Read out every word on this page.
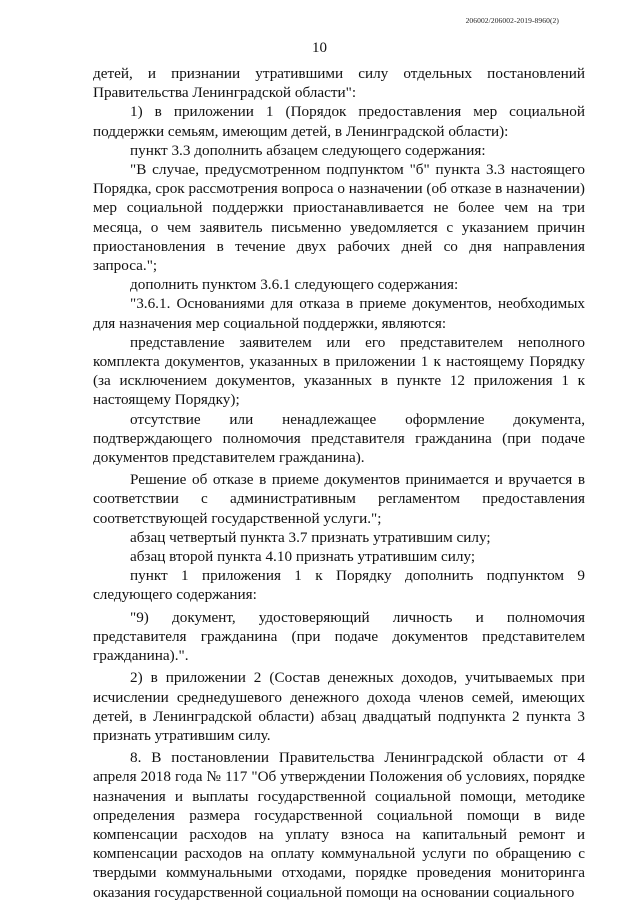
206002/206002-2019-8960(2)
10

детей, и признании утратившими силу отдельных постановлений Правительства Ленинградской области":

1) в приложении 1 (Порядок предоставления мер социальной поддержки семьям, имеющим детей, в Ленинградской области):

пункт 3.3 дополнить абзацем следующего содержания:

"В случае, предусмотренном подпунктом "б" пункта 3.3 настоящего Порядка, срок рассмотрения вопроса о назначении (об отказе в назначении) мер социальной поддержки приостанавливается не более чем на три месяца, о чем заявитель письменно уведомляется с указанием причин приостановления в течение двух рабочих дней со дня направления запроса.";

дополнить пунктом 3.6.1 следующего содержания:

"3.6.1. Основаниями для отказа в приеме документов, необходимых для назначения мер социальной поддержки, являются:

представление заявителем или его представителем неполного комплекта документов, указанных в приложении 1 к настоящему Порядку (за исключением документов, указанных в пункте 12 приложения 1 к настоящему Порядку);

отсутствие или ненадлежащее оформление документа, подтверждающего полномочия представителя гражданина (при подаче документов представителем гражданина).

Решение об отказе в приеме документов принимается и вручается в соответствии с административным регламентом предоставления соответствующей государственной услуги.";

абзац четвертый пункта 3.7 признать утратившим силу;

абзац второй пункта 4.10 признать утратившим силу;

пункт 1 приложения 1 к Порядку дополнить подпунктом 9 следующего содержания:

"9) документ, удостоверяющий личность и полномочия представителя гражданина (при подаче документов представителем гражданина).".

2) в приложении 2 (Состав денежных доходов, учитываемых при исчислении среднедушевого денежного дохода членов семей, имеющих детей, в Ленинградской области) абзац двадцатый подпункта 2 пункта 3 признать утратившим силу.

8. В постановлении Правительства Ленинградской области от 4 апреля 2018 года № 117 "Об утверждении Положения об условиях, порядке назначения и выплаты государственной социальной помощи, методике определения размера государственной социальной помощи в виде компенсации расходов на уплату взноса на капитальный ремонт и компенсации расходов на оплату коммунальной услуги по обращению с твердыми коммунальными отходами, порядке проведения мониторинга оказания государственной социальной помощи на основании социального
